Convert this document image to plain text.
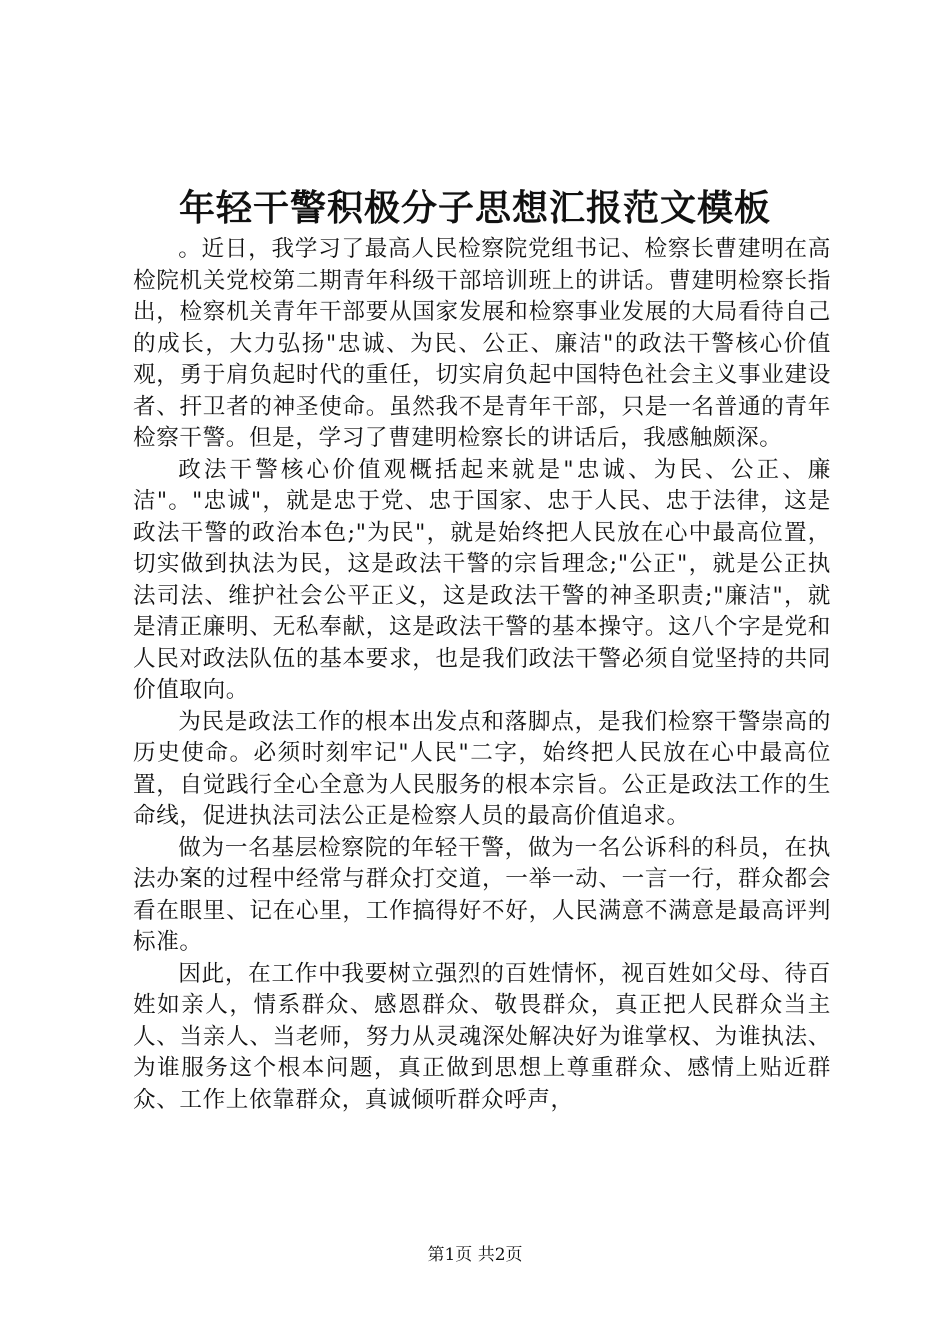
年轻干警积极分子思想汇报范文模板

。近日，我学习了最高人民检察院党组书记、检察长曹建明在高检院机关党校第二期青年科级干部培训班上的讲话。曹建明检察长指出，检察机关青年干部要从国家发展和检察事业发展的大局看待自己的成长，大力弘扬"忠诚、为民、公正、廉洁"的政法干警核心价值观，勇于肩负起时代的重任，切实肩负起中国特色社会主义事业建设者、扞卫者的神圣使命。虽然我不是青年干部，只是一名普通的青年检察干警。但是，学习了曹建明检察长的讲话后，我感触颇深。

政法干警核心价值观概括起来就是"忠诚、为民、公正、廉洁"。"忠诚"，就是忠于党、忠于国家、忠于人民、忠于法律，这是政法干警的政治本色;"为民"，就是始终把人民放在心中最高位置，切实做到执法为民，这是政法干警的宗旨理念;"公正"，就是公正执法司法、维护社会公平正义，这是政法干警的神圣职责;"廉洁"，就是清正廉明、无私奉献，这是政法干警的基本操守。这八个字是党和人民对政法队伍的基本要求，也是我们政法干警必须自觉坚持的共同价值取向。

为民是政法工作的根本出发点和落脚点，是我们检察干警崇高的历史使命。必须时刻牢记"人民"二字，始终把人民放在心中最高位置，自觉践行全心全意为人民服务的根本宗旨。公正是政法工作的生命线，促进执法司法公正是检察人员的最高价值追求。

做为一名基层检察院的年轻干警，做为一名公诉科的科员，在执法办案的过程中经常与群众打交道，一举一动、一言一行，群众都会看在眼里、记在心里，工作搞得好不好，人民满意不满意是最高评判标准。

因此，在工作中我要树立强烈的百姓情怀，视百姓如父母、待百姓如亲人，情系群众、感恩群众、敬畏群众，真正把人民群众当主人、当亲人、当老师，努力从灵魂深处解决好为谁掌权、为谁执法、为谁服务这个根本问题，真正做到思想上尊重群众、感情上贴近群众、工作上依靠群众，真诚倾听群众呼声，

第1页 共2页
